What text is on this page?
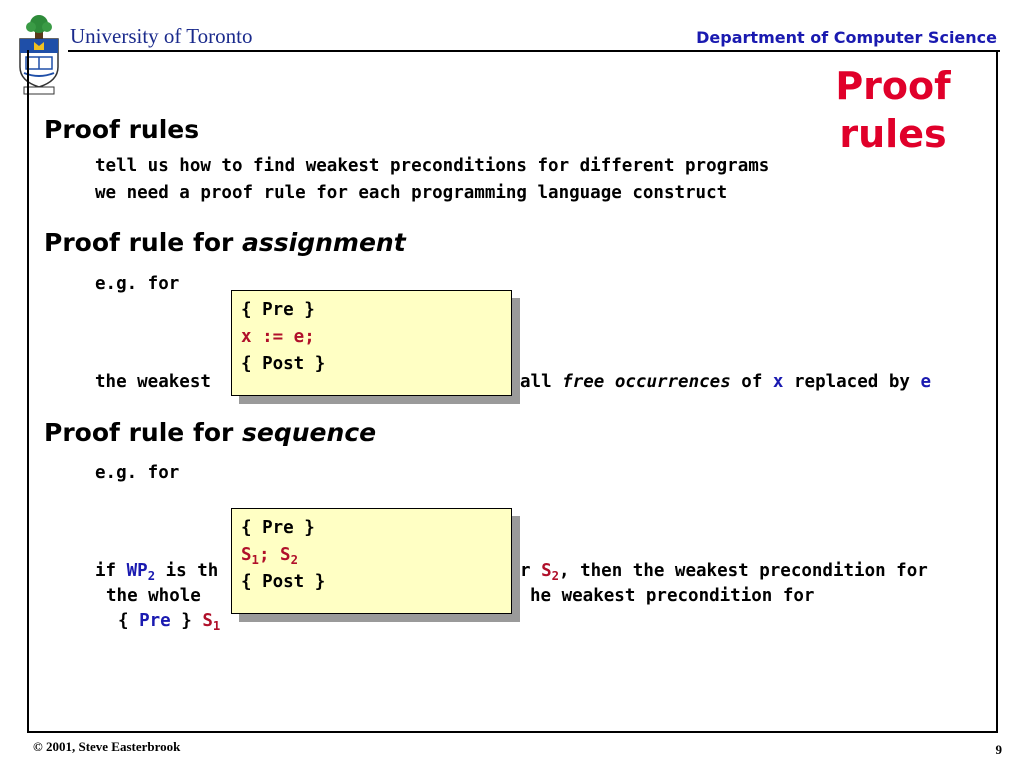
University of Toronto	Department of Computer Science
Proof
rules
Proof rules
tell us how to find weakest preconditions for different programs
we need a proof rule for each programming language construct
Proof rule for assignment
e.g. for
the weakest	all free occurrences of x replaced by e
{ Pre }
x := e;
{ Post }
Proof rule for sequence
e.g. for
if $WP_2$ is th	r $S_2$, then the weakest precondition for
the whole	he weakest precondition for
{ Pre } $S_1$
{ Pre }
$S_1$; $S_2$
{ Post }
© 2001, Steve Easterbrook	9
